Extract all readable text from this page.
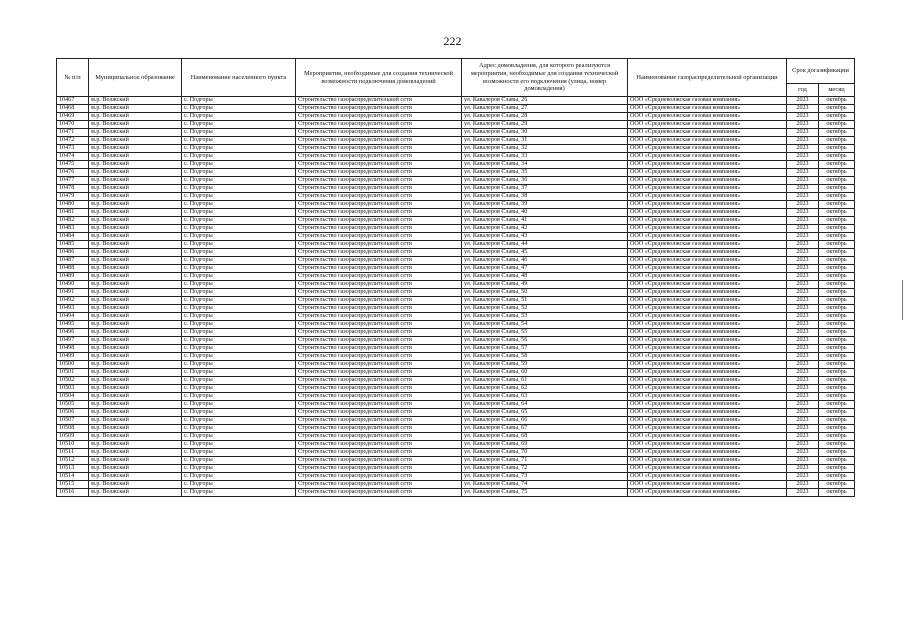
222
№ п/п	Муниципальное образование	Наименование населенного пункта	Мероприятия, необходимые для создания технической возможности подключения домовладений	Адрес домовладения, для которого реализуются мероприятия, необходимые для создания технической возможности его подключения (улица, номер домовладения)	Наименование газораспределительной организации	Срок догазификации	
						год	месяц
10467	м.р. Волжский	с. Подгоры	Строительство газораспределительной сети	ул. Кавалеров Славы, 26	ООО «Средневолжская газовая компания»	2023	октябрь
10468	м.р. Волжский	с. Подгоры	Строительство газораспределительной сети	ул. Кавалеров Славы, 27	ООО «Средневолжская газовая компания»	2023	октябрь
10469	м.р. Волжский	с. Подгоры	Строительство газораспределительной сети	ул. Кавалеров Славы, 28	ООО «Средневолжская газовая компания»	2023	октябрь
10470	м.р. Волжский	с. Подгоры	Строительство газораспределительной сети	ул. Кавалеров Славы, 29	ООО «Средневолжская газовая компания»	2023	октябрь
10471	м.р. Волжский	с. Подгоры	Строительство газораспределительной сети	ул. Кавалеров Славы, 30	ООО «Средневолжская газовая компания»	2023	октябрь
10472	м.р. Волжский	с. Подгоры	Строительство газораспределительной сети	ул. Кавалеров Славы, 31	ООО «Средневолжская газовая компания»	2023	октябрь
10473	м.р. Волжский	с. Подгоры	Строительство газораспределительной сети	ул. Кавалеров Славы, 32	ООО «Средневолжская газовая компания»	2023	октябрь
10474	м.р. Волжский	с. Подгоры	Строительство газораспределительной сети	ул. Кавалеров Славы, 33	ООО «Средневолжская газовая компания»	2023	октябрь
10475	м.р. Волжский	с. Подгоры	Строительство газораспределительной сети	ул. Кавалеров Славы, 34	ООО «Средневолжская газовая компания»	2023	октябрь
10476	м.р. Волжский	с. Подгоры	Строительство газораспределительной сети	ул. Кавалеров Славы, 35	ООО «Средневолжская газовая компания»	2023	октябрь
10477	м.р. Волжский	с. Подгоры	Строительство газораспределительной сети	ул. Кавалеров Славы, 36	ООО «Средневолжская газовая компания»	2023	октябрь
10478	м.р. Волжский	с. Подгоры	Строительство газораспределительной сети	ул. Кавалеров Славы, 37	ООО «Средневолжская газовая компания»	2023	октябрь
10479	м.р. Волжский	с. Подгоры	Строительство газораспределительной сети	ул. Кавалеров Славы, 38	ООО «Средневолжская газовая компания»	2023	октябрь
10480	м.р. Волжский	с. Подгоры	Строительство газораспределительной сети	ул. Кавалеров Славы, 39	ООО «Средневолжская газовая компания»	2023	октябрь
10481	м.р. Волжский	с. Подгоры	Строительство газораспределительной сети	ул. Кавалеров Славы, 40	ООО «Средневолжская газовая компания»	2023	октябрь
10482	м.р. Волжский	с. Подгоры	Строительство газораспределительной сети	ул. Кавалеров Славы, 41	ООО «Средневолжская газовая компания»	2023	октябрь
10483	м.р. Волжский	с. Подгоры	Строительство газораспределительной сети	ул. Кавалеров Славы, 42	ООО «Средневолжская газовая компания»	2023	октябрь
10484	м.р. Волжский	с. Подгоры	Строительство газораспределительной сети	ул. Кавалеров Славы, 43	ООО «Средневолжская газовая компания»	2023	октябрь
10485	м.р. Волжский	с. Подгоры	Строительство газораспределительной сети	ул. Кавалеров Славы, 44	ООО «Средневолжская газовая компания»	2023	октябрь
10486	м.р. Волжский	с. Подгоры	Строительство газораспределительной сети	ул. Кавалеров Славы, 45	ООО «Средневолжская газовая компания»	2023	октябрь
10487	м.р. Волжский	с. Подгоры	Строительство газораспределительной сети	ул. Кавалеров Славы, 46	ООО «Средневолжская газовая компания»	2023	октябрь
10488	м.р. Волжский	с. Подгоры	Строительство газораспределительной сети	ул. Кавалеров Славы, 47	ООО «Средневолжская газовая компания»	2023	октябрь
10489	м.р. Волжский	с. Подгоры	Строительство газораспределительной сети	ул. Кавалеров Славы, 48	ООО «Средневолжская газовая компания»	2023	октябрь
10490	м.р. Волжский	с. Подгоры	Строительство газораспределительной сети	ул. Кавалеров Славы, 49	ООО «Средневолжская газовая компания»	2023	октябрь
10491	м.р. Волжский	с. Подгоры	Строительство газораспределительной сети	ул. Кавалеров Славы, 50	ООО «Средневолжская газовая компания»	2023	октябрь
10492	м.р. Волжский	с. Подгоры	Строительство газораспределительной сети	ул. Кавалеров Славы, 51	ООО «Средневолжская газовая компания»	2023	октябрь
10493	м.р. Волжский	с. Подгоры	Строительство газораспределительной сети	ул. Кавалеров Славы, 52	ООО «Средневолжская газовая компания»	2023	октябрь
10494	м.р. Волжский	с. Подгоры	Строительство газораспределительной сети	ул. Кавалеров Славы, 53	ООО «Средневолжская газовая компания»	2023	октябрь
10495	м.р. Волжский	с. Подгоры	Строительство газораспределительной сети	ул. Кавалеров Славы, 54	ООО «Средневолжская газовая компания»	2023	октябрь
10496	м.р. Волжский	с. Подгоры	Строительство газораспределительной сети	ул. Кавалеров Славы, 55	ООО «Средневолжская газовая компания»	2023	октябрь
10497	м.р. Волжский	с. Подгоры	Строительство газораспределительной сети	ул. Кавалеров Славы, 56	ООО «Средневолжская газовая компания»	2023	октябрь
10498	м.р. Волжский	с. Подгоры	Строительство газораспределительной сети	ул. Кавалеров Славы, 57	ООО «Средневолжская газовая компания»	2023	октябрь
10499	м.р. Волжский	с. Подгоры	Строительство газораспределительной сети	ул. Кавалеров Славы, 58	ООО «Средневолжская газовая компания»	2023	октябрь
10500	м.р. Волжский	с. Подгоры	Строительство газораспределительной сети	ул. Кавалеров Славы, 59	ООО «Средневолжская газовая компания»	2023	октябрь
10501	м.р. Волжский	с. Подгоры	Строительство газораспределительной сети	ул. Кавалеров Славы, 60	ООО «Средневолжская газовая компания»	2023	октябрь
10502	м.р. Волжский	с. Подгоры	Строительство газораспределительной сети	ул. Кавалеров Славы, 61	ООО «Средневолжская газовая компания»	2023	октябрь
10503	м.р. Волжский	с. Подгоры	Строительство газораспределительной сети	ул. Кавалеров Славы, 62	ООО «Средневолжская газовая компания»	2023	октябрь
10504	м.р. Волжский	с. Подгоры	Строительство газораспределительной сети	ул. Кавалеров Славы, 63	ООО «Средневолжская газовая компания»	2023	октябрь
10505	м.р. Волжский	с. Подгоры	Строительство газораспределительной сети	ул. Кавалеров Славы, 64	ООО «Средневолжская газовая компания»	2023	октябрь
10506	м.р. Волжский	с. Подгоры	Строительство газораспределительной сети	ул. Кавалеров Славы, 65	ООО «Средневолжская газовая компания»	2023	октябрь
10507	м.р. Волжский	с. Подгоры	Строительство газораспределительной сети	ул. Кавалеров Славы, 66	ООО «Средневолжская газовая компания»	2023	октябрь
10508	м.р. Волжский	с. Подгоры	Строительство газораспределительной сети	ул. Кавалеров Славы, 67	ООО «Средневолжская газовая компания»	2023	октябрь
10509	м.р. Волжский	с. Подгоры	Строительство газораспределительной сети	ул. Кавалеров Славы, 68	ООО «Средневолжская газовая компания»	2023	октябрь
10510	м.р. Волжский	с. Подгоры	Строительство газораспределительной сети	ул. Кавалеров Славы, 69	ООО «Средневолжская газовая компания»	2023	октябрь
10511	м.р. Волжский	с. Подгоры	Строительство газораспределительной сети	ул. Кавалеров Славы, 70	ООО «Средневолжская газовая компания»	2023	октябрь
10512	м.р. Волжский	с. Подгоры	Строительство газораспределительной сети	ул. Кавалеров Славы, 71	ООО «Средневолжская газовая компания»	2023	октябрь
10513	м.р. Волжский	с. Подгоры	Строительство газораспределительной сети	ул. Кавалеров Славы, 72	ООО «Средневолжская газовая компания»	2023	октябрь
10514	м.р. Волжский	с. Подгоры	Строительство газораспределительной сети	ул. Кавалеров Славы, 73	ООО «Средневолжская газовая компания»	2023	октябрь
10515	м.р. Волжский	с. Подгоры	Строительство газораспределительной сети	ул. Кавалеров Славы, 74	ООО «Средневолжская газовая компания»	2023	октябрь
10516	м.р. Волжский	с. Подгоры	Строительство газораспределительной сети	ул. Кавалеров Славы, 75	ООО «Средневолжская газовая компания»	2023	октябрь
